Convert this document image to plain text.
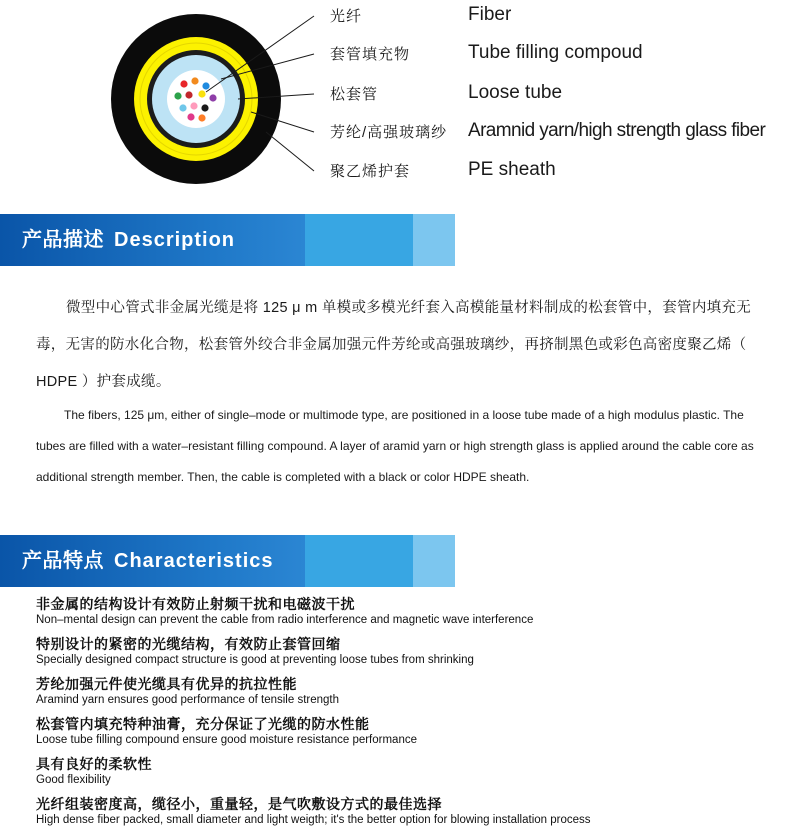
光纤	Fiber
套管填充物	Tube filling compoud
松套管	Loose tube
芳纶/高强玻璃纱 Aramnid yarn/high strength glass fiber
聚乙烯护套	PE sheath
产品描述 Description

微型中心管式非金属光缆是将 125 μ m 单模或多模光纤套入高模能量材料制成的松套管中，套管内填充无毒，无害的防水化合物，松套管外绞合非金属加强元件芳纶或高强玻璃纱，再挤制黑色或彩色高密度聚乙烯（ HDPE ）护套成缆。

The fibers, 125 μm, either of single–mode or multimode type, are positioned in a loose tube made of a high modulus plastic. The tubes are filled with a water–resistant filling compound. A layer of aramid yarn or high strength glass is applied around the cable core as additional strength member. Then, the cable is completed with a black or color HDPE sheath.

产品特点 Characteristics
非金属的结构设计有效防止射频干扰和电磁波干扰
Non–mental design can prevent the cable from radio interference and magnetic wave interference
特别设计的紧密的光缆结构，有效防止套管回缩
Specially designed compact structure is good at preventing loose tubes from shrinking
芳纶加强元件使光缆具有优异的抗拉性能
Aramind yarn ensures good performance of tensile strength
松套管内填充特种油膏，充分保证了光缆的防水性能
Loose tube filling compound ensure good moisture resistance performance
具有良好的柔软性
Good flexibility
光纤组装密度高，缆径小，重量轻，是气吹敷设方式的最佳选择
High dense fiber packed, small diameter and light weigth; it's the better option for blowing installation process
